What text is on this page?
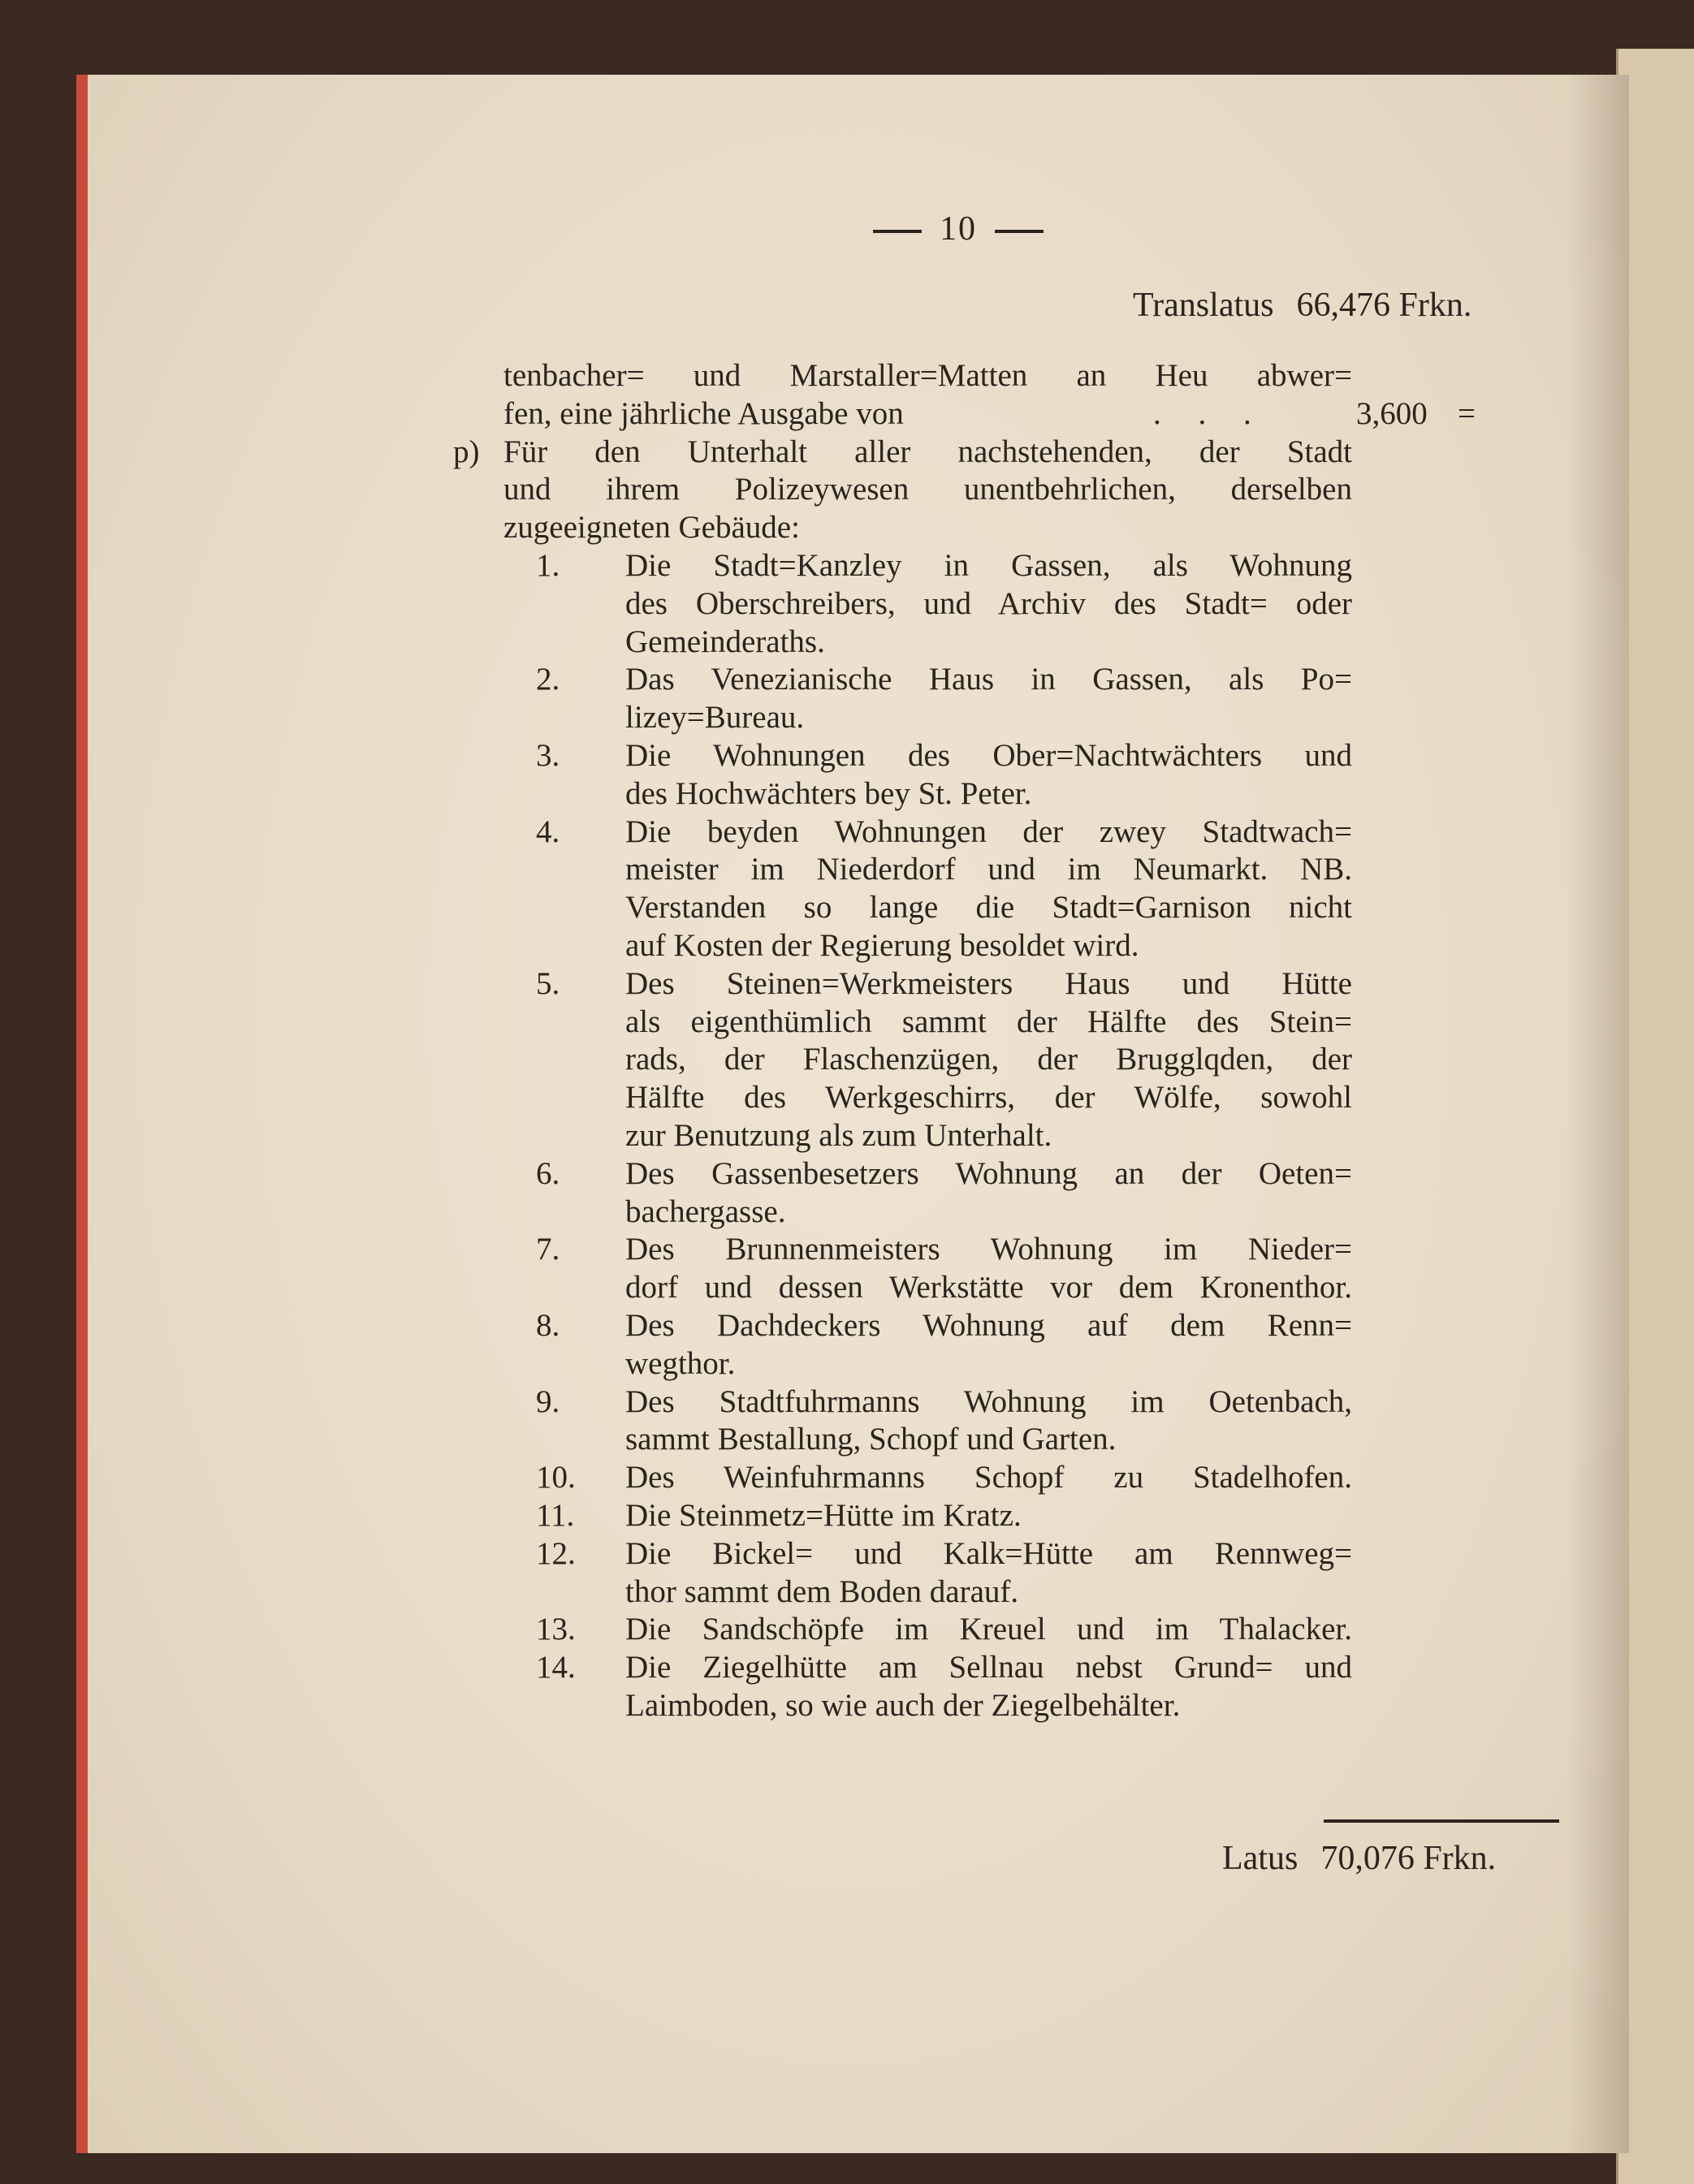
10
Translatus 66,476 Frkn.
tenbacher= und Marstaller=Matten an Heu abwer=
fen, eine jährliche Ausgabe von	. . .	3,600 =
p) Für den Unterhalt aller nachstehenden, der Stadt
und ihrem Polizeywesen unentbehrlichen, derselben
zugeeigneten Gebäude:
1. Die Stadt=Kanzley in Gassen, als Wohnung
des Oberschreibers, und Archiv des Stadt= oder
Gemeinderaths.
2. Das Venezianische Haus in Gassen, als Po=
lizey=Bureau.
3. Die Wohnungen des Ober=Nachtwächters und
des Hochwächters bey St. Peter.
4. Die beyden Wohnungen der zwey Stadtwach=
meister im Niederdorf und im Neumarkt. NB.
Verstanden so lange die Stadt=Garnison nicht
auf Kosten der Regierung besoldet wird.
5. Des Steinen=Werkmeisters Haus und Hütte
als eigenthümlich sammt der Hälfte des Stein=
rads, der Flaschenzügen, der Brugglqden, der
Hälfte des Werkgeschirrs, der Wölfe, sowohl
zur Benutzung als zum Unterhalt.
6. Des Gassenbesetzers Wohnung an der Oeten=
bachergasse.
7. Des Brunnenmeisters Wohnung im Nieder=
dorf und dessen Werkstätte vor dem Kronenthor.
8. Des Dachdeckers Wohnung auf dem Renn=
wegthor.
9. Des Stadtfuhrmanns Wohnung im Oetenbach,
sammt Bestallung, Schopf und Garten.
10. Des Weinfuhrmanns Schopf zu Stadelhofen.
11. Die Steinmetz=Hütte im Kratz.
12. Die Bickel= und Kalk=Hütte am Rennweg=
thor sammt dem Boden darauf.
13. Die Sandschöpfe im Kreuel und im Thalacker.
14. Die Ziegelhütte am Sellnau nebst Grund= und
Laimboden, so wie auch der Ziegelbehälter.
Latus 70,076 Frkn.
